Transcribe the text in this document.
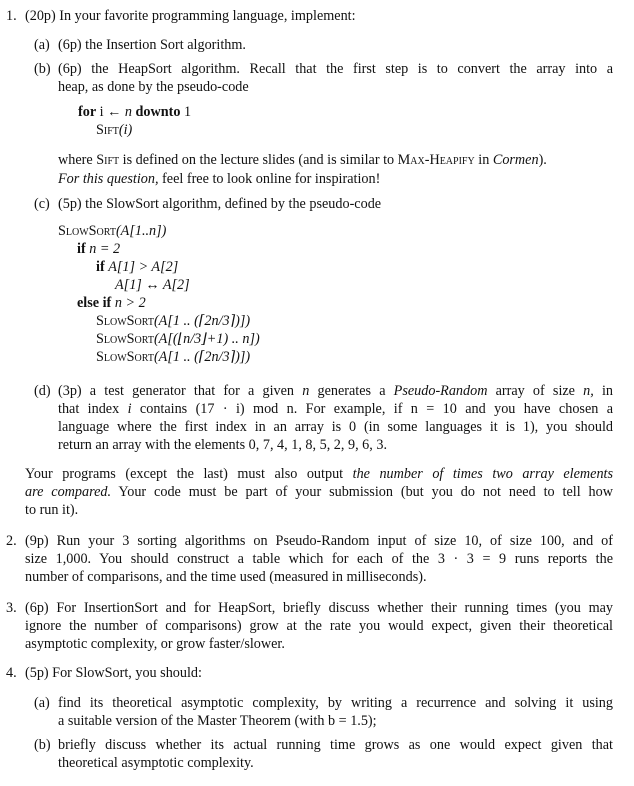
1. (20p) In your favorite programming language, implement:
(a) (6p) the Insertion Sort algorithm.
(b) (6p) the HeapSort algorithm. Recall that the first step is to convert the array into a
heap, as done by the pseudo-code
for i ← n downto 1
Sift(i)
where Sift is defined on the lecture slides (and is similar to Max-Heapify in Cormen).
For this question, feel free to look online for inspiration!
(c) (5p) the SlowSort algorithm, defined by the pseudo-code
SlowSort(A[1..n])
if n = 2
if A[1] > A[2]
A[1] ↔ A[2]
else if n > 2
SlowSort(A[1 .. (⌈2n/3⌉)])
SlowSort(A[(⌊n/3⌋+1) .. n])
SlowSort(A[1 .. (⌈2n/3⌉)])
(d) (3p) a test generator that for a given n generates a Pseudo-Random array of size n, in
that index i contains (17 · i) mod n. For example, if n = 10 and you have chosen a
language where the first index in an array is 0 (in some languages it is 1), you should
return an array with the elements 0, 7, 4, 1, 8, 5, 2, 9, 6, 3.
Your programs (except the last) must also output the number of times two array elements
are compared. Your code must be part of your submission (but you do not need to tell how
to run it).
2. (9p) Run your 3 sorting algorithms on Pseudo-Random input of size 10, of size 100, and of
size 1,000. You should construct a table which for each of the 3 · 3 = 9 runs reports the
number of comparisons, and the time used (measured in milliseconds).
3. (6p) For InsertionSort and for HeapSort, briefly discuss whether their running times (you may
ignore the number of comparisons) grow at the rate you would expect, given their theoretical
asymptotic complexity, or grow faster/slower.
4. (5p) For SlowSort, you should:
(a) find its theoretical asymptotic complexity, by writing a recurrence and solving it using
a suitable version of the Master Theorem (with b = 1.5);
(b) briefly discuss whether its actual running time grows as one would expect given that
theoretical asymptotic complexity.
